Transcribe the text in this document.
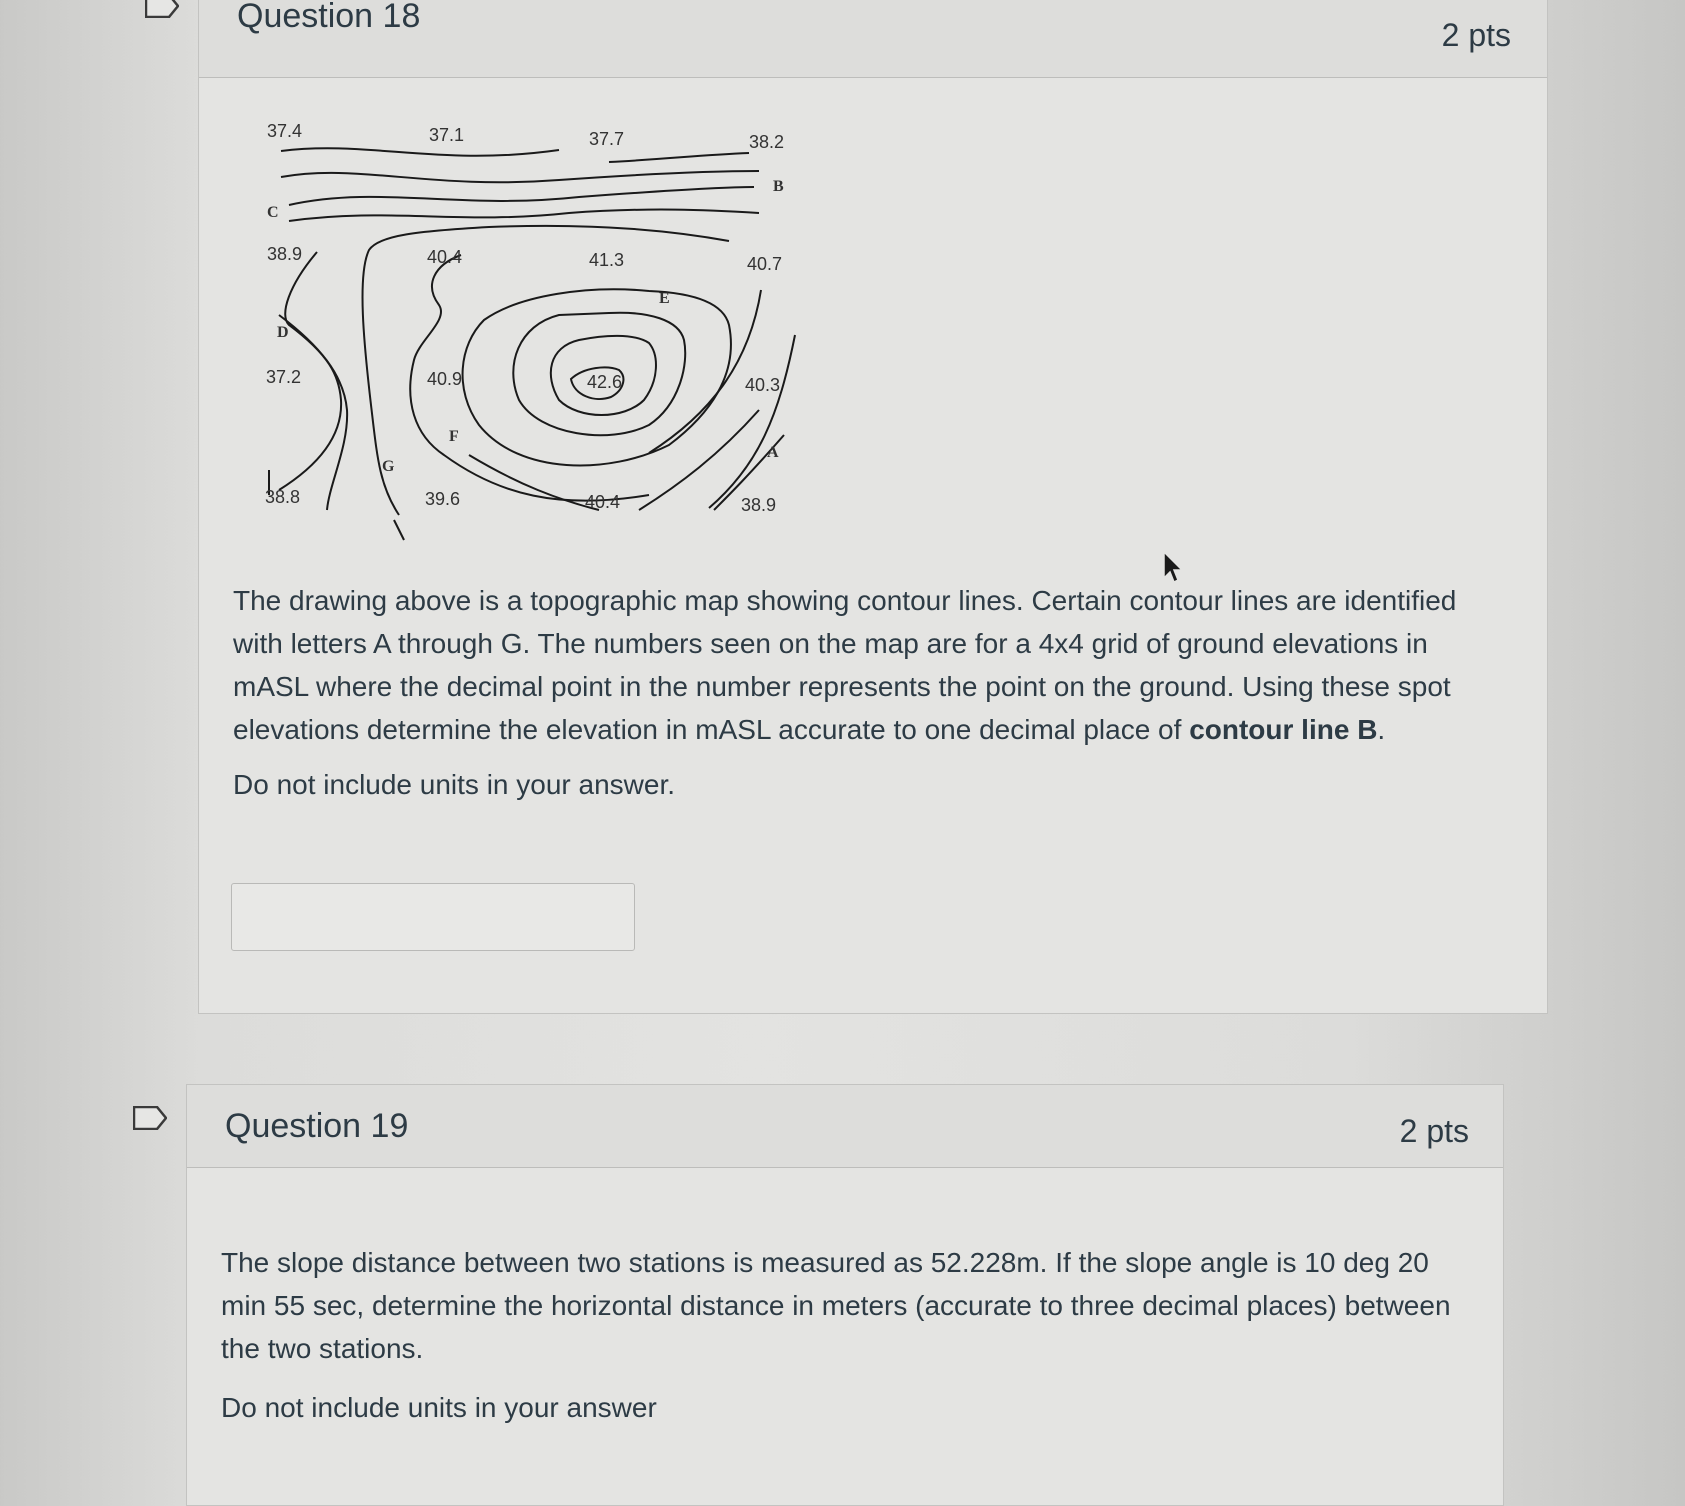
Question 18	2 pts
37.4	37.1	37.7	38.2
38.9	40.4	41.3	40.7
37.2	40.9	42.6	40.3
38.8	39.6	40.4	38.9
A
B
C
D
E
F
G

The drawing above is a topographic map showing contour lines. Certain contour lines are identified with letters A through G. The numbers seen on the map are for a 4x4 grid of ground elevations in mASL where the decimal point in the number represents the point on the ground. Using these spot elevations determine the elevation in mASL accurate to one decimal place of contour line B.

Do not include units in your answer.

Question 19	2 pts

The slope distance between two stations is measured as 52.228m. If the slope angle is 10 deg 20 min 55 sec, determine the horizontal distance in meters (accurate to three decimal places) between the two stations.

Do not include units in your answer
